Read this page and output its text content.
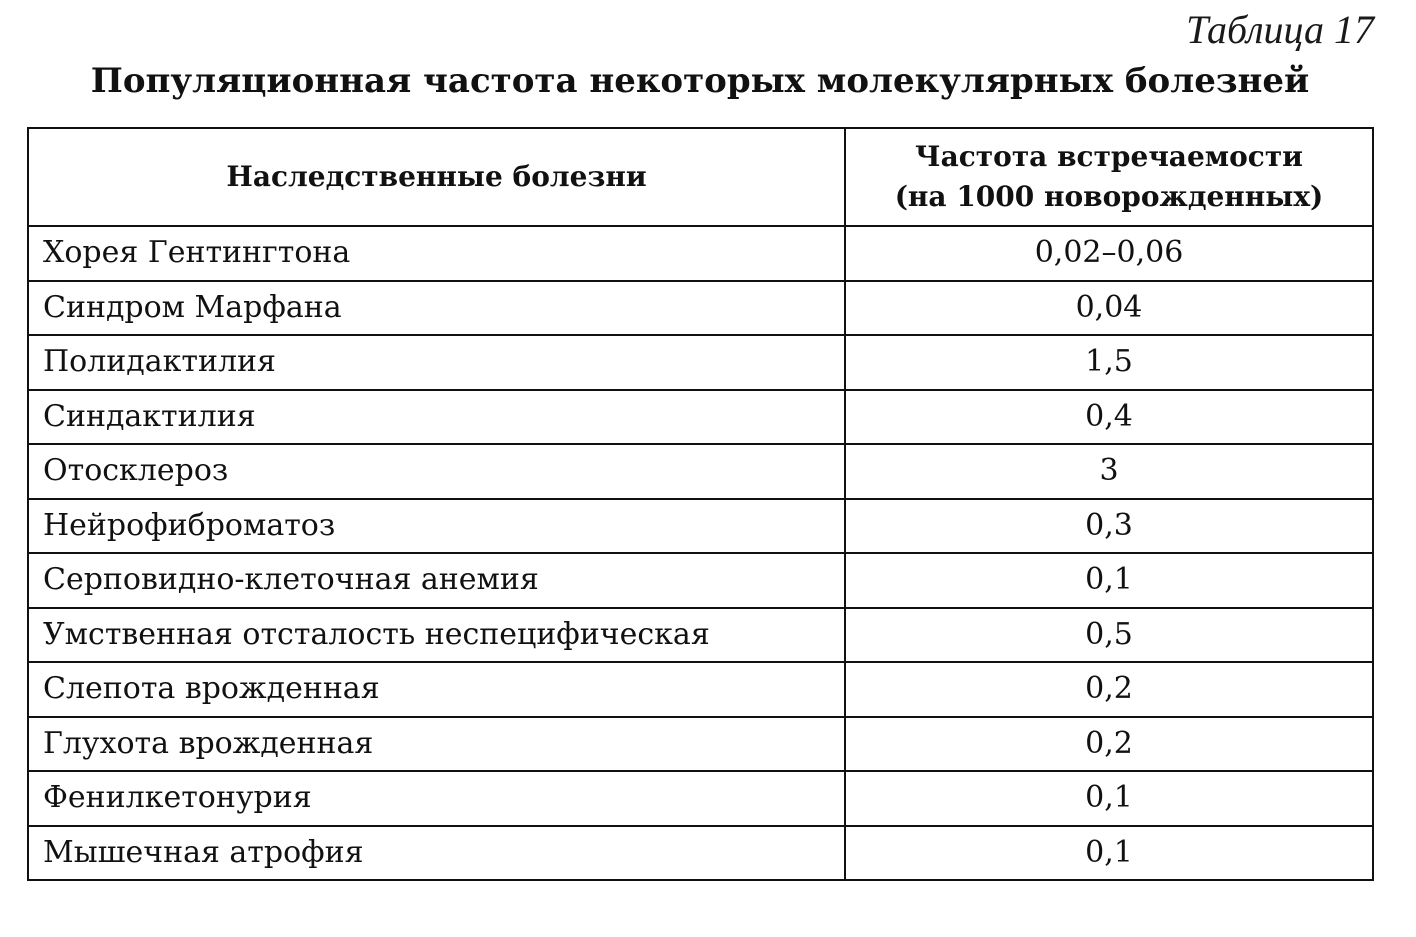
Таблица 17
Популяционная частота некоторых молекулярных болезней
Наследственные болезни	Частота встречаемости
(на 1000 новорожденных)

Хорея Гентингтона	0,02–0,06
Синдром Марфана	0,04
Полидактилия	1,5
Синдактилия	0,4
Отосклероз	3
Нейрофиброматоз	0,3
Серповидно-клеточная анемия	0,1
Умственная отсталость неспецифическая	0,5
Слепота врожденная	0,2
Глухота врожденная	0,2
Фенилкетонурия	0,1
Мышечная атрофия	0,1
